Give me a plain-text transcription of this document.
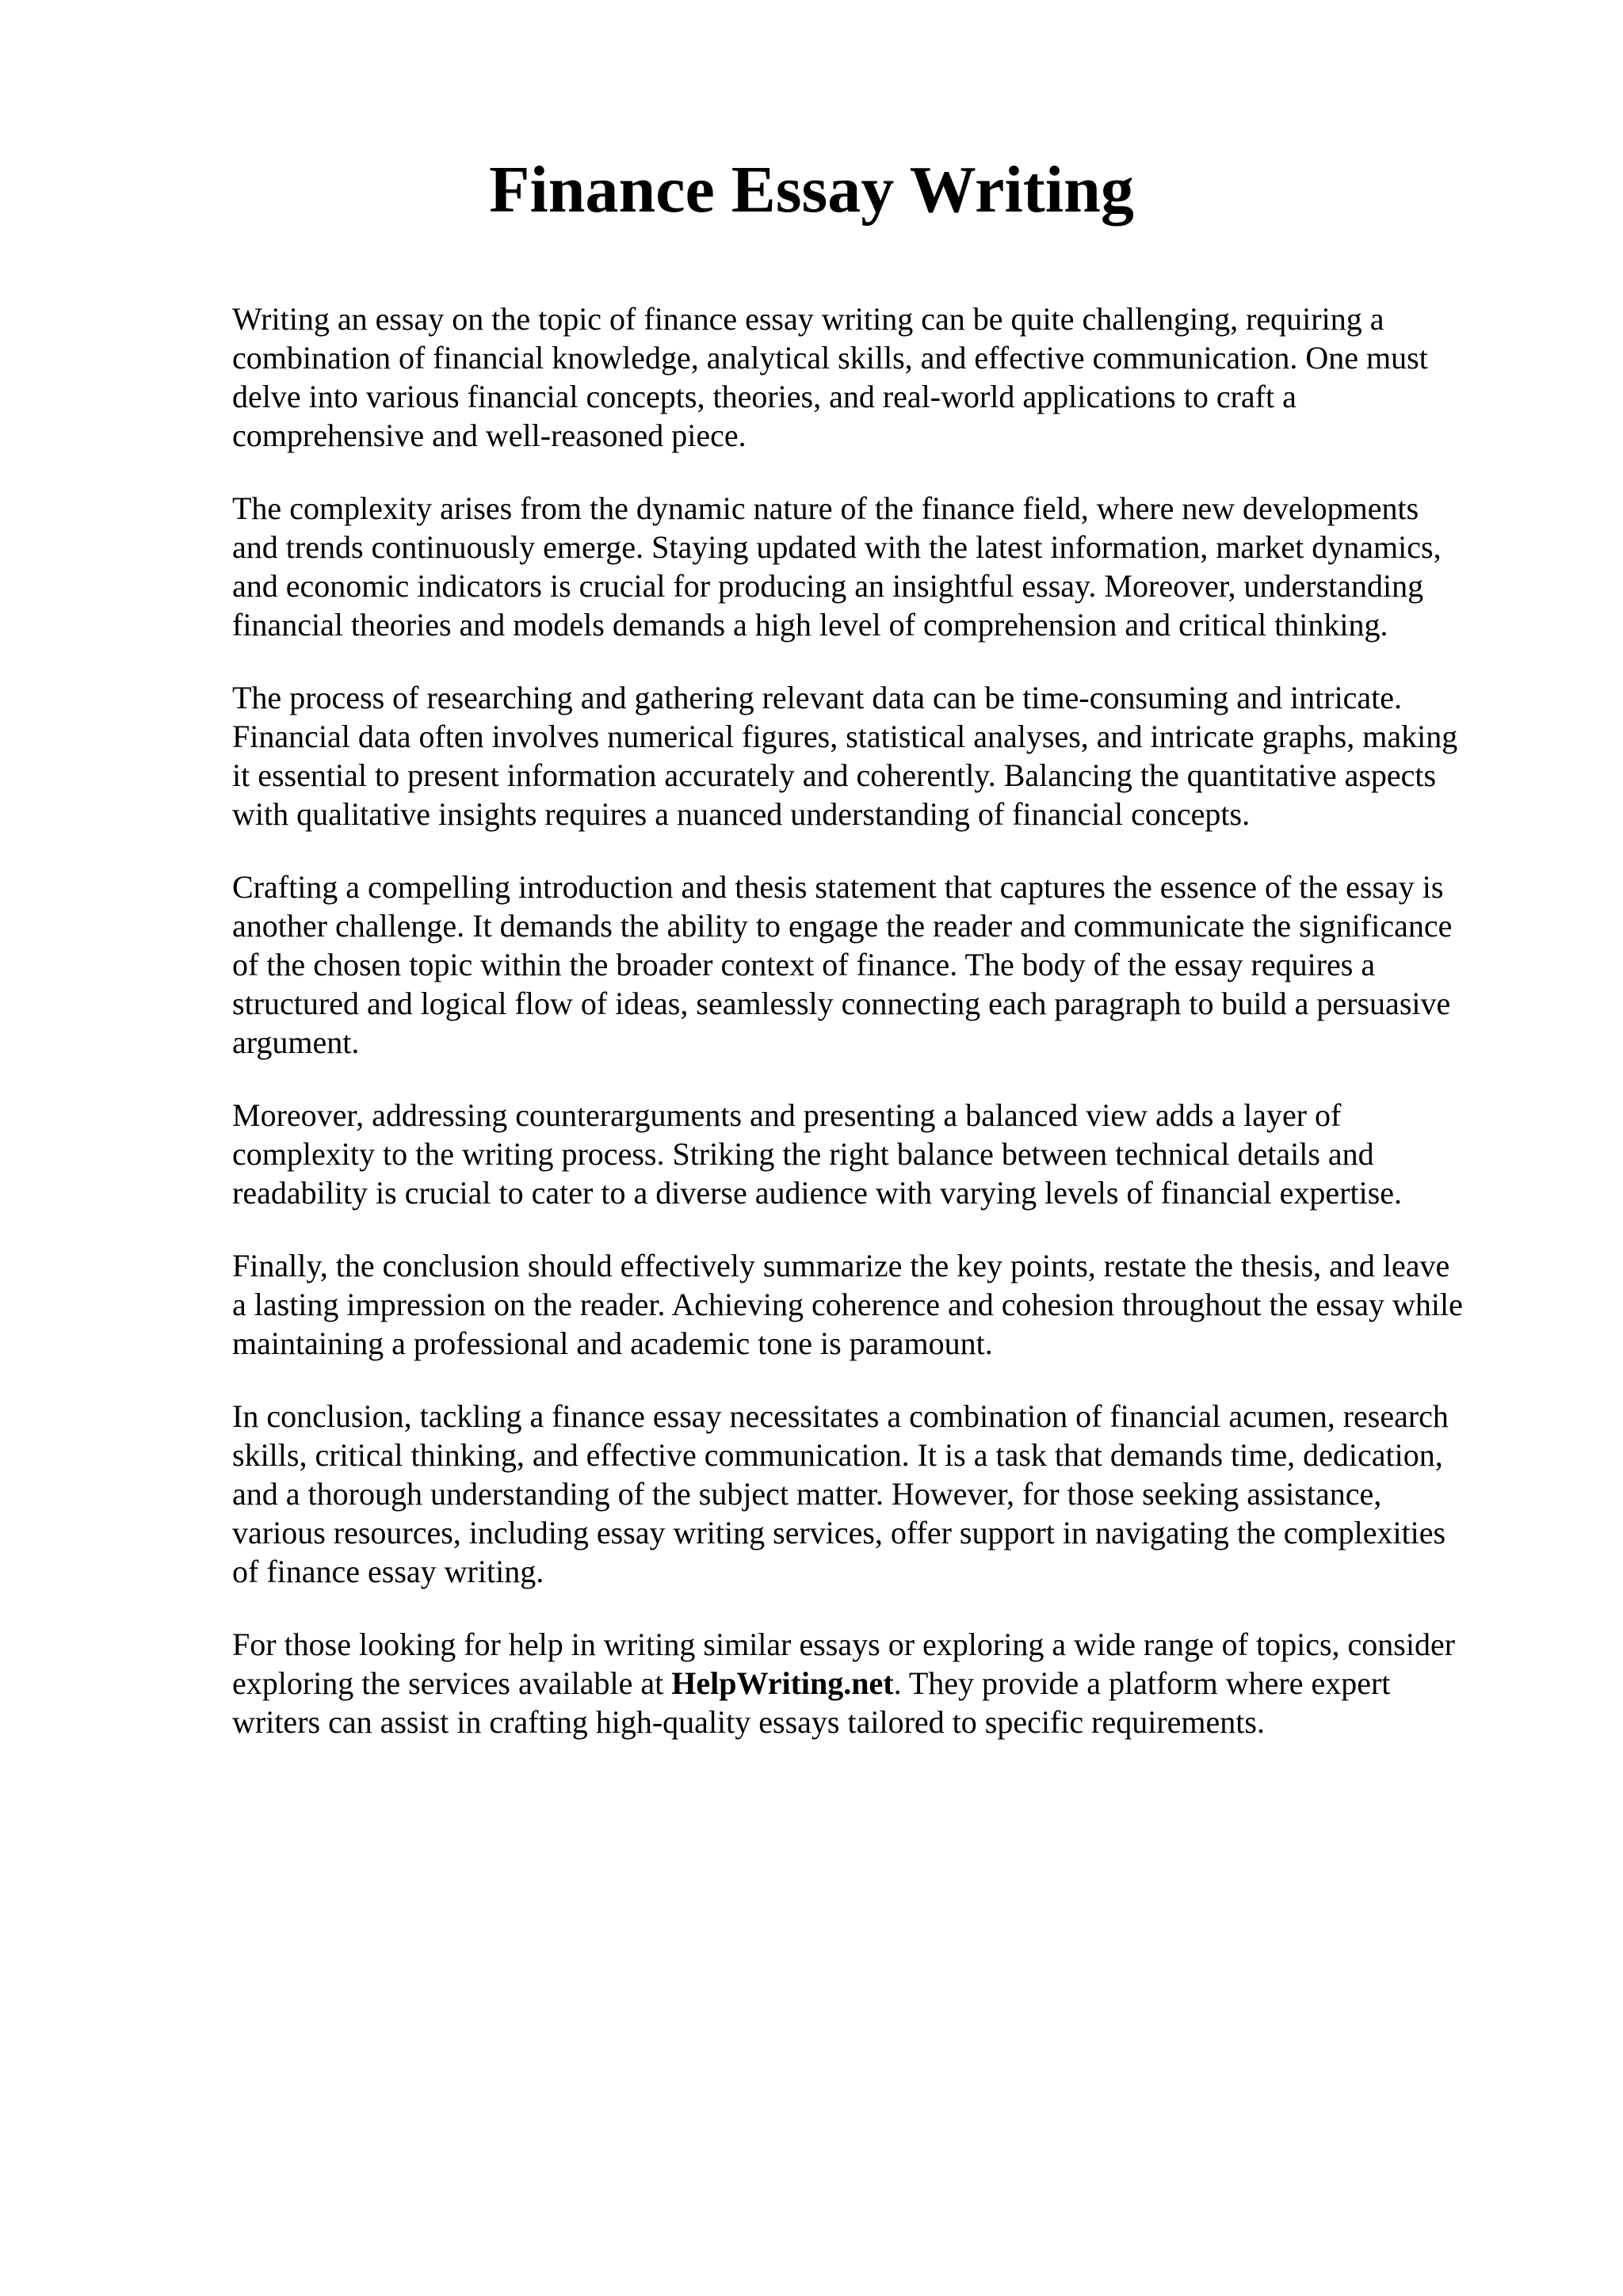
Finance Essay Writing

Writing an essay on the topic of finance essay writing can be quite challenging, requiring a
combination of financial knowledge, analytical skills, and effective communication. One must
delve into various financial concepts, theories, and real-world applications to craft a
comprehensive and well-reasoned piece.

The complexity arises from the dynamic nature of the finance field, where new developments
and trends continuously emerge. Staying updated with the latest information, market dynamics,
and economic indicators is crucial for producing an insightful essay. Moreover, understanding
financial theories and models demands a high level of comprehension and critical thinking.

The process of researching and gathering relevant data can be time-consuming and intricate.
Financial data often involves numerical figures, statistical analyses, and intricate graphs, making
it essential to present information accurately and coherently. Balancing the quantitative aspects
with qualitative insights requires a nuanced understanding of financial concepts.

Crafting a compelling introduction and thesis statement that captures the essence of the essay is
another challenge. It demands the ability to engage the reader and communicate the significance
of the chosen topic within the broader context of finance. The body of the essay requires a
structured and logical flow of ideas, seamlessly connecting each paragraph to build a persuasive
argument.

Moreover, addressing counterarguments and presenting a balanced view adds a layer of
complexity to the writing process. Striking the right balance between technical details and
readability is crucial to cater to a diverse audience with varying levels of financial expertise.

Finally, the conclusion should effectively summarize the key points, restate the thesis, and leave
a lasting impression on the reader. Achieving coherence and cohesion throughout the essay while
maintaining a professional and academic tone is paramount.

In conclusion, tackling a finance essay necessitates a combination of financial acumen, research
skills, critical thinking, and effective communication. It is a task that demands time, dedication,
and a thorough understanding of the subject matter. However, for those seeking assistance,
various resources, including essay writing services, offer support in navigating the complexities
of finance essay writing.

For those looking for help in writing similar essays or exploring a wide range of topics, consider
exploring the services available at HelpWriting.net. They provide a platform where expert
writers can assist in crafting high-quality essays tailored to specific requirements.
